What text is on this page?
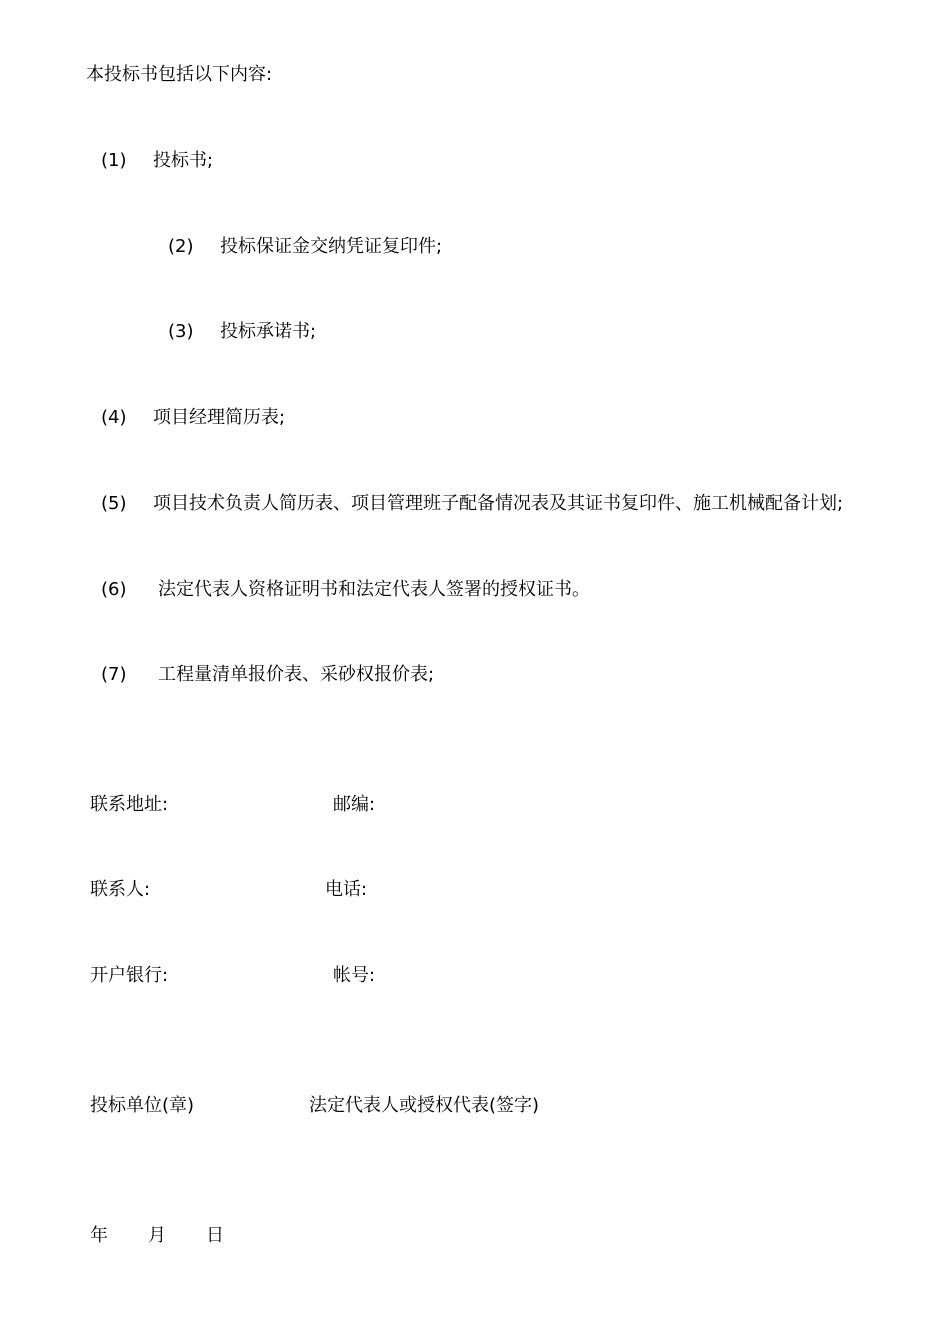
本投标书包括以下内容:
(1) 投标书;
(2) 投标保证金交纳凭证复印件;
(3) 投标承诺书;
(4) 项目经理简历表;
(5) 项目技术负责人简历表、项目管理班子配备情况表及其证书复印件、施工机械配备计划;
(6) 法定代表人资格证明书和法定代表人签署的授权证书。
(7) 工程量清单报价表、采砂权报价表;
联系地址:	邮编:
联系人:	电话:
开户银行:	帐号:
投标单位(章)	法定代表人或授权代表(签字)
年 月 日
